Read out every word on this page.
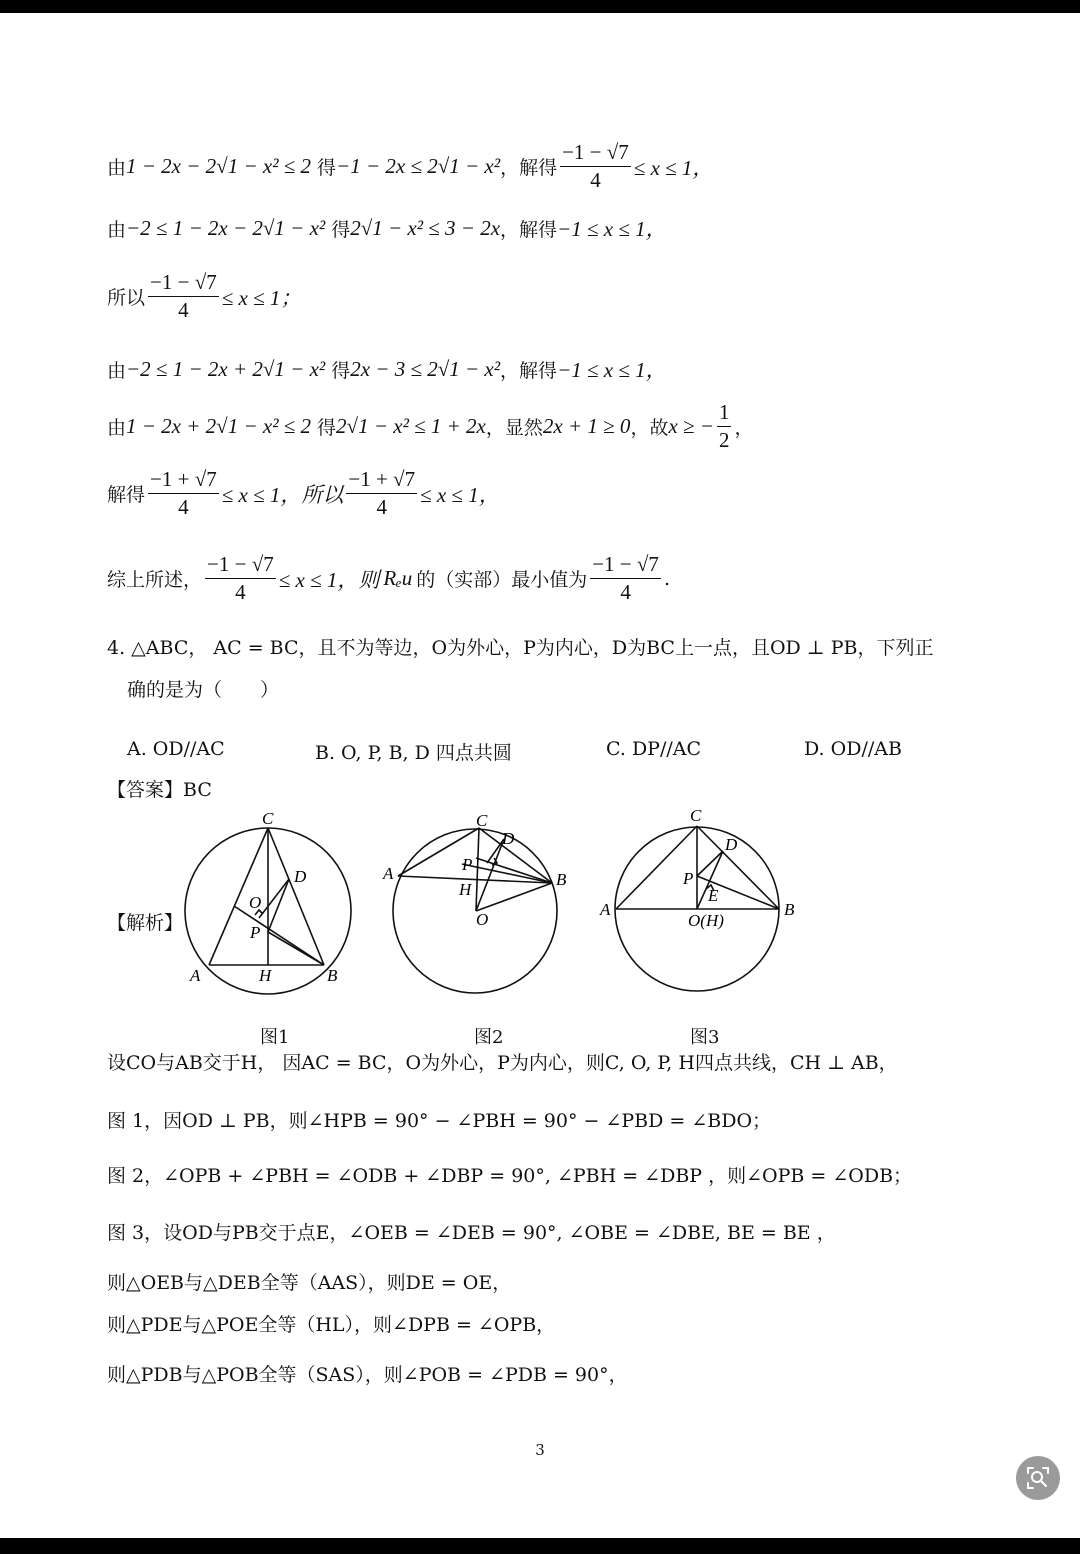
由 1 − 2x − 2√1 − x² ≤ 2 得 −1 − 2x ≤ 2√1 − x² ，解得 $\frac{-1 - √7}{4} \le x \le 1$，
由 −2 ≤ 1 − 2x − 2√1 − x² 得 2√1 − x² ≤ 3 − 2x ，解得 −1 ≤ x ≤ 1，
所以 $\frac{-1 - √7}{4} \le x \le 1$；
由 −2 ≤ 1 − 2x + 2√1 − x² 得 2x − 3 ≤ 2√1 − x² ，解得 −1 ≤ x ≤ 1，
由 1 − 2x + 2√1 − x² ≤ 2 得 2√1 − x² ≤ 1 + 2x ，显然 2x + 1 ≥ 0 ，故 x ≥ − $\frac{1}{2}$ ，
解得 $\frac{-1 + √7}{4} \le x \le 1$，所以 $\frac{-1 + √7}{4} \le x \le 1$，
综上所述， $\frac{-1 - √7}{4} \le x \le 1$，则 Rₑu 的（实部）最小值为 $\frac{-1 - √7}{4}$ .
4. △ABC， AC = BC，且不为等边，O为外心，P为内心，D为BC上一点，且OD ⊥ PB，下列正
确的是为（　　）
A. OD//AC	B. O, P, B, D 四点共圆	C. DP//AC	D. OD//AB
【答案】BC
【解析】
C
D
O
P
A	H	B
C
D
P
A
H
B
O
C
D
P
E
A
O(H)
B
图1	图2	图3
设CO与AB交于H， 因AC = BC，O为外心，P为内心，则C, O, P, H四点共线，CH ⊥ AB，
图 1，因OD ⊥ PB，则∠HPB = 90° − ∠PBH = 90° − ∠PBD = ∠BDO；
图 2，∠OPB + ∠PBH = ∠ODB + ∠DBP = 90°, ∠PBH = ∠DBP ，则∠OPB = ∠ODB；
图 3，设OD与PB交于点E，∠OEB = ∠DEB = 90°, ∠OBE = ∠DBE, BE = BE ，
则△OEB与△DEB全等（AAS），则DE = OE，
则△PDE与△POE全等（HL），则∠DPB = ∠OPB，
则△PDB与△POB全等（SAS），则∠POB = ∠PDB = 90°，
3
